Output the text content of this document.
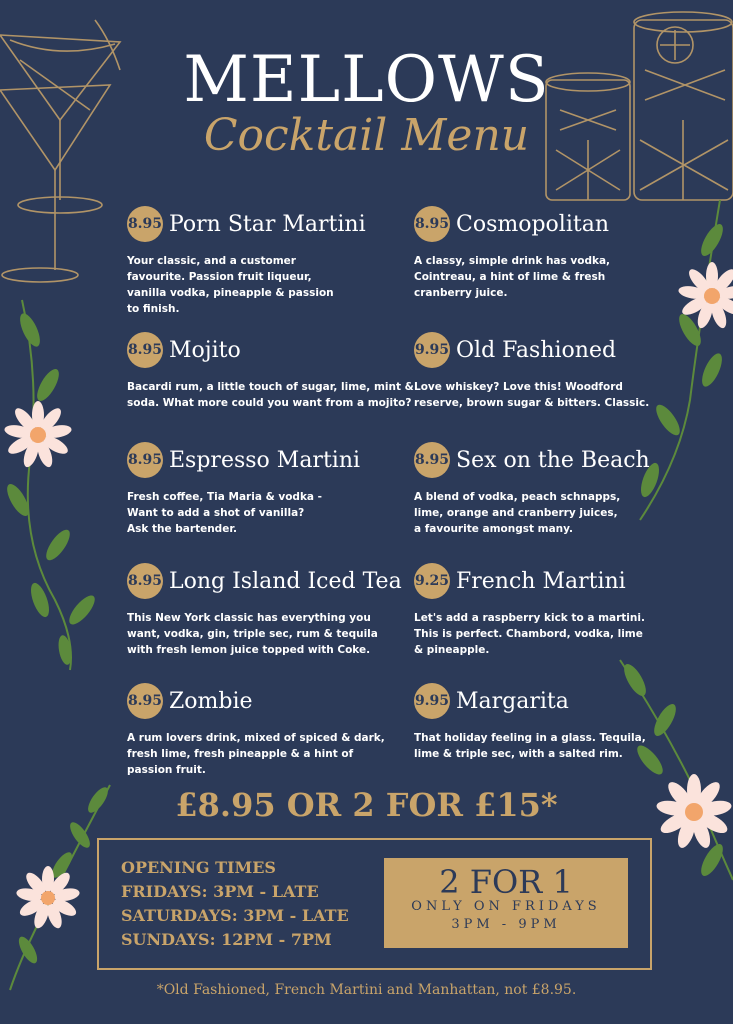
MELLOWS
Cocktail Menu
8.95 Porn Star Martini
Your classic, and a customer
favourite. Passion fruit liqueur,
vanilla vodka, pineapple & passion
to finish.
8.95 Cosmopolitan
A classy, simple drink has vodka,
Cointreau, a hint of lime & fresh
cranberry juice.
8.95 Mojito
Bacardi rum, a little touch of sugar, lime, mint &
soda. What more could you want from a mojito?
9.95 Old Fashioned
Love whiskey? Love this! Woodford
reserve, brown sugar & bitters. Classic.
8.95 Espresso Martini
Fresh coffee, Tia Maria & vodka -
Want to add a shot of vanilla?
Ask the bartender.
8.95 Sex on the Beach
A blend of vodka, peach schnapps,
lime, orange and cranberry juices,
a favourite amongst many.
8.95 Long Island Iced Tea
This New York classic has everything you
want, vodka, gin, triple sec, rum & tequila
with fresh lemon juice topped with Coke.
9.25 French Martini
Let's add a raspberry kick to a martini.
This is perfect. Chambord, vodka, lime
& pineapple.
8.95 Zombie
A rum lovers drink, mixed of spiced & dark,
fresh lime, fresh pineapple & a hint of
passion fruit.
9.95 Margarita
That holiday feeling in a glass. Tequila,
lime & triple sec, with a salted rim.
£8.95 OR 2 FOR £15*
OPENING TIMES
FRIDAYS: 3PM - LATE
SATURDAYS: 3PM - LATE
SUNDAYS: 12PM - 7PM
2 FOR 1
ONLY ON FRIDAYS
3PM - 9PM
*Old Fashioned, French Martini and Manhattan, not £8.95.
